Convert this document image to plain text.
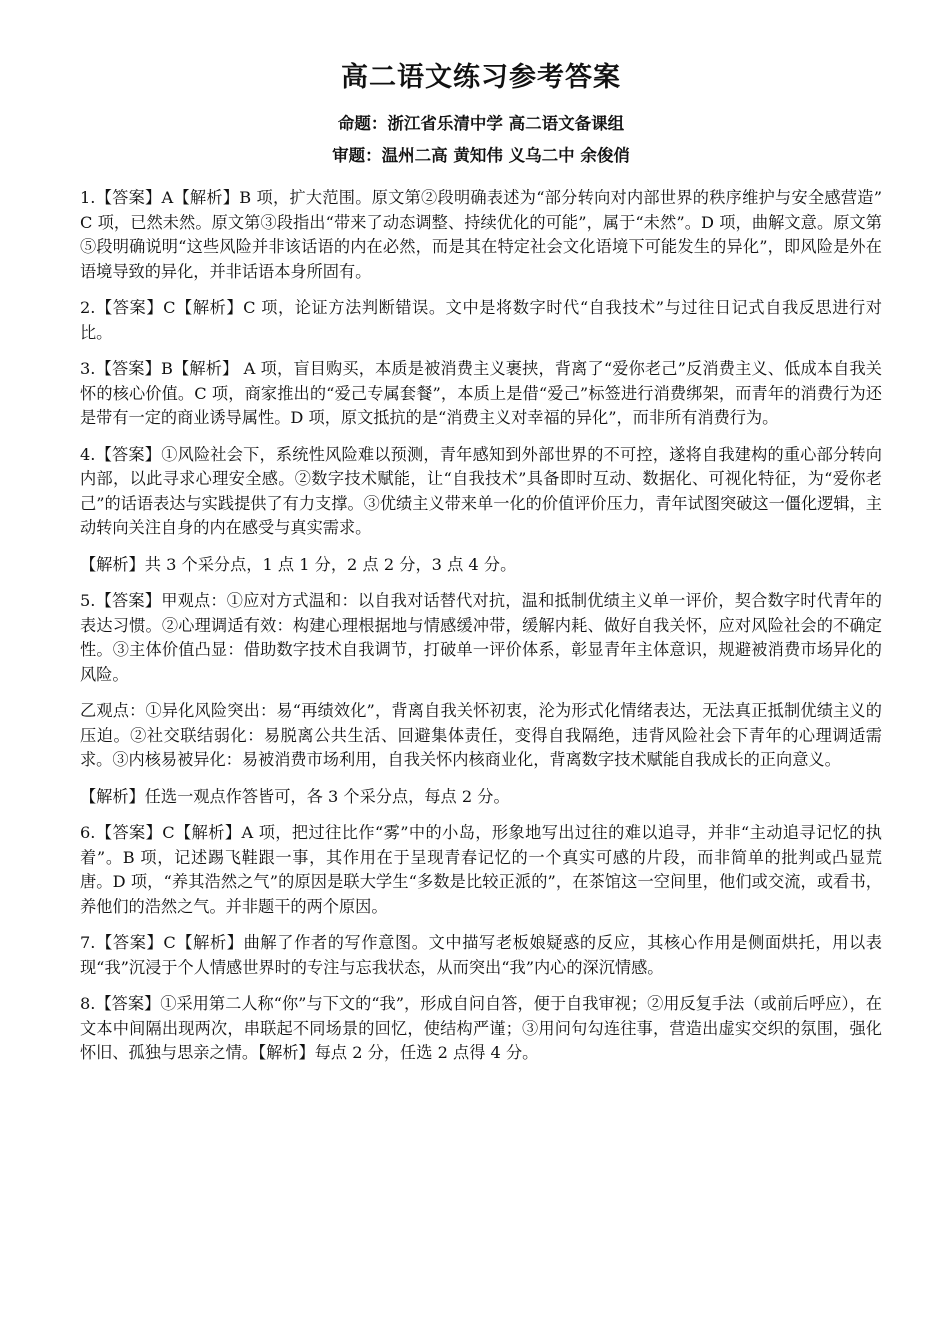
高二语文练习参考答案
命题：浙江省乐清中学 高二语文备课组
审题：温州二高 黄知伟 义乌二中 余俊俏

1.【答案】A【解析】B 项，扩大范围。原文第②段明确表述为“部分转向对内部世界的秩序维护与安全感营造” C 项，已然未然。原文第③段指出“带来了动态调整、持续优化的可能”，属于“未然”。D 项，曲解文意。原文第⑤段明确说明“这些风险并非该话语的内在必然，而是其在特定社会文化语境下可能发生的异化”，即风险是外在语境导致的异化，并非话语本身所固有。

2.【答案】C【解析】C 项，论证方法判断错误。文中是将数字时代“自我技术”与过往日记式自我反思进行对比。

3.【答案】B【解析】 A 项，盲目购买，本质是被消费主义裹挟，背离了“爱你老己”反消费主义、低成本自我关怀的核心价值。C 项，商家推出的“爱己专属套餐”，本质上是借“爱己”标签进行消费绑架，而青年的消费行为还是带有一定的商业诱导属性。D 项，原文抵抗的是“消费主义对幸福的异化”，而非所有消费行为。

4.【答案】①风险社会下，系统性风险难以预测，青年感知到外部世界的不可控，遂将自我建构的重心部分转向内部，以此寻求心理安全感。②数字技术赋能，让“自我技术”具备即时互动、数据化、可视化特征，为“爱你老己”的话语表达与实践提供了有力支撑。③优绩主义带来单一化的价值评价压力，青年试图突破这一僵化逻辑，主动转向关注自身的内在感受与真实需求。

【解析】共 3 个采分点，1 点 1 分，2 点 2 分，3 点 4 分。

5.【答案】甲观点：①应对方式温和：以自我对话替代对抗，温和抵制优绩主义单一评价，契合数字时代青年的表达习惯。②心理调适有效：构建心理根据地与情感缓冲带，缓解内耗、做好自我关怀，应对风险社会的不确定性。③主体价值凸显：借助数字技术自我调节，打破单一评价体系，彰显青年主体意识，规避被消费市场异化的风险。

乙观点：①异化风险突出：易“再绩效化”，背离自我关怀初衷，沦为形式化情绪表达，无法真正抵制优绩主义的压迫。②社交联结弱化：易脱离公共生活、回避集体责任，变得自我隔绝，违背风险社会下青年的心理调适需求。③内核易被异化：易被消费市场利用，自我关怀内核商业化，背离数字技术赋能自我成长的正向意义。

【解析】任选一观点作答皆可，各 3 个采分点，每点 2 分。

6.【答案】C【解析】A 项，把过往比作“雾”中的小岛，形象地写出过往的难以追寻，并非“主动追寻记忆的执着”。B 项，记述踢飞鞋跟一事，其作用在于呈现青春记忆的一个真实可感的片段，而非简单的批判或凸显荒唐。D 项，“养其浩然之气”的原因是联大学生“多数是比较正派的”，在茶馆这一空间里，他们或交流，或看书，养他们的浩然之气。并非题干的两个原因。

7.【答案】C【解析】曲解了作者的写作意图。文中描写老板娘疑惑的反应，其核心作用是侧面烘托，用以表现“我”沉浸于个人情感世界时的专注与忘我状态，从而突出“我”内心的深沉情感。

8.【答案】①采用第二人称“你”与下文的“我”，形成自问自答，便于自我审视；②用反复手法（或前后呼应），在文本中间隔出现两次，串联起不同场景的回忆，使结构严谨；③用问句勾连往事，营造出虚实交织的氛围，强化怀旧、孤独与思亲之情。【解析】每点 2 分，任选 2 点得 4 分。
